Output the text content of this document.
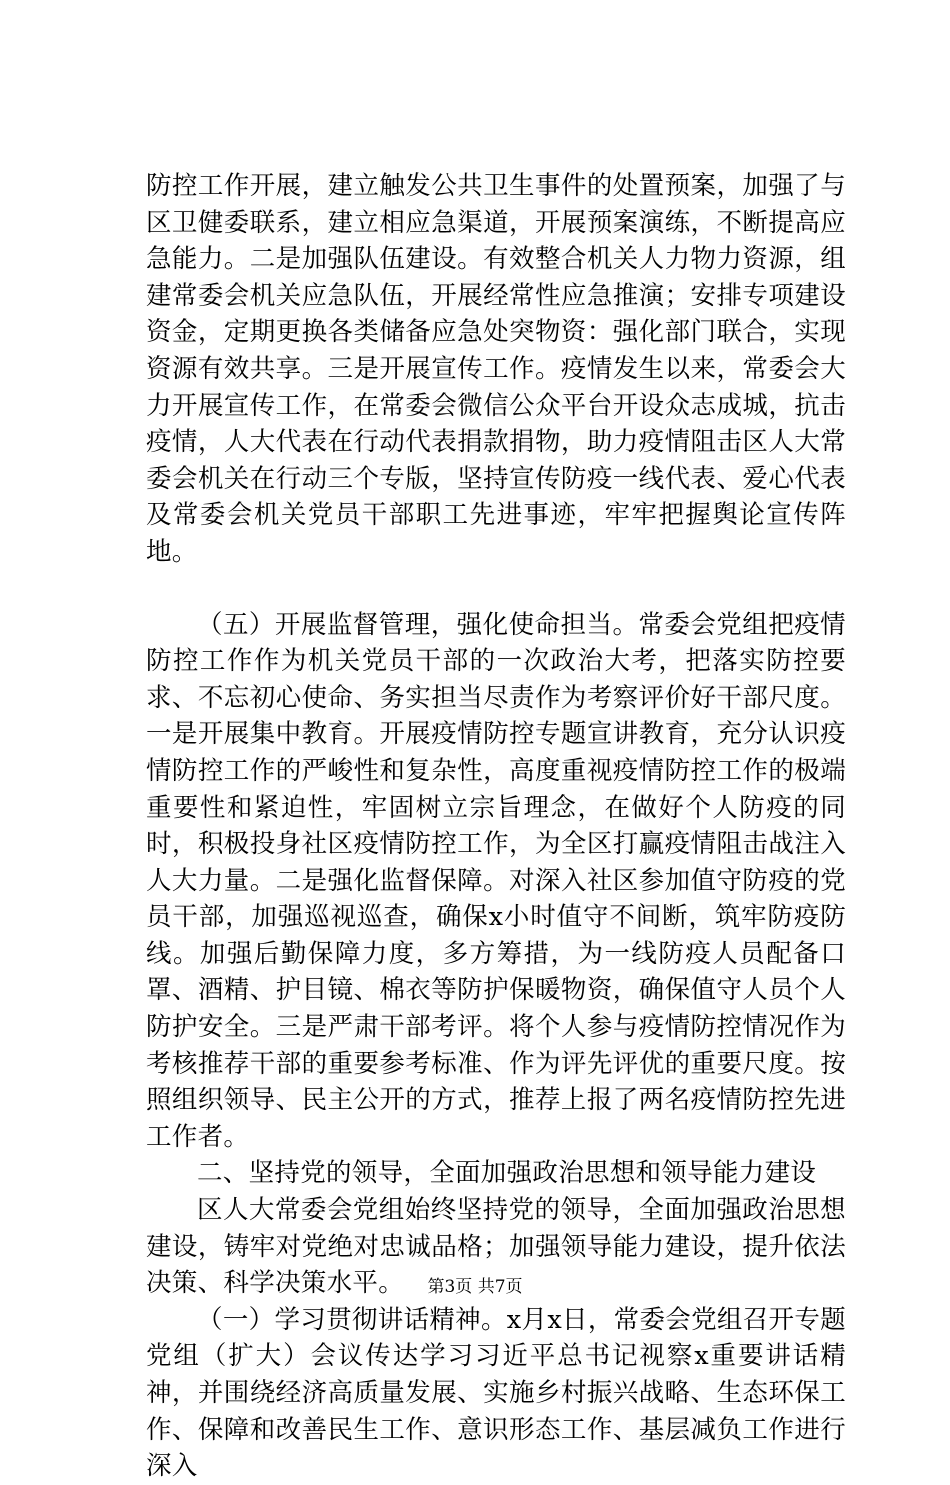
防控工作开展，建立触发公共卫生事件的处置预案，加强了与区卫健委联系，建立相应急渠道，开展预案演练，不断提高应急能力。二是加强队伍建设。有效整合机关人力物力资源，组建常委会机关应急队伍，开展经常性应急推演；安排专项建设资金，定期更换各类储备应急处突物资：强化部门联合，实现资源有效共享。三是开展宣传工作。疫情发生以来，常委会大力开展宣传工作，在常委会微信公众平台开设众志成城，抗击疫情，人大代表在行动代表捐款捐物，助力疫情阻击区人大常委会机关在行动三个专版，坚持宣传防疫一线代表、爱心代表及常委会机关党员干部职工先进事迹，牢牢把握舆论宣传阵地。

（五）开展监督管理，强化使命担当。常委会党组把疫情防控工作作为机关党员干部的一次政治大考，把落实防控要求、不忘初心使命、务实担当尽责作为考察评价好干部尺度。一是开展集中教育。开展疫情防控专题宣讲教育，充分认识疫情防控工作的严峻性和复杂性，高度重视疫情防控工作的极端重要性和紧迫性，牢固树立宗旨理念，在做好个人防疫的同时，积极投身社区疫情防控工作，为全区打赢疫情阻击战注入人大力量。二是强化监督保障。对深入社区参加值守防疫的党员干部，加强巡视巡查，确保x小时值守不间断，筑牢防疫防线。加强后勤保障力度，多方筹措，为一线防疫人员配备口罩、酒精、护目镜、棉衣等防护保暖物资，确保值守人员个人防护安全。三是严肃干部考评。将个人参与疫情防控情况作为考核推荐干部的重要参考标准、作为评先评优的重要尺度。按照组织领导、民主公开的方式，推荐上报了两名疫情防控先进工作者。

二、坚持党的领导，全面加强政治思想和领导能力建设

区人大常委会党组始终坚持党的领导，全面加强政治思想建设，铸牢对党绝对忠诚品格；加强领导能力建设，提升依法决策、科学决策水平。

（一）学习贯彻讲话精神。x月x日，常委会党组召开专题党组（扩大）会议传达学习习近平总书记视察x重要讲话精神，并围绕经济高质量发展、实施乡村振兴战略、生态环保工作、保障和改善民生工作、意识形态工作、基层减负工作进行深入

第3页 共7页
